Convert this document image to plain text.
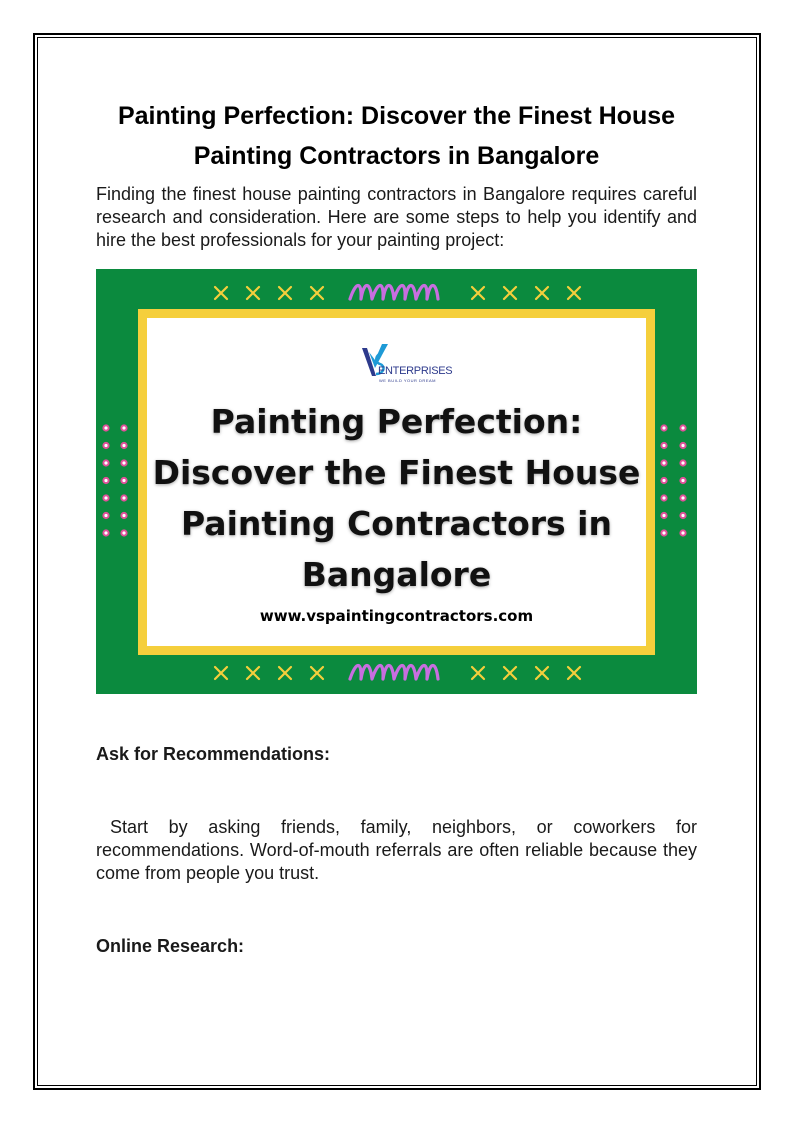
Painting Perfection: Discover the Finest House Painting Contractors in Bangalore

Finding the finest house painting contractors in Bangalore requires careful research and consideration. Here are some steps to help you identify and hire the best professionals for your painting project:

ENTERPRISES
WE BUILD YOUR DREAM
Painting Perfection: Discover the Finest House Painting Contractors in Bangalore
www.vspaintingcontractors.com
Ask for Recommendations:

Start by asking friends, family, neighbors, or coworkers for recommendations. Word-of-mouth referrals are often reliable because they come from people you trust.

Online Research:
